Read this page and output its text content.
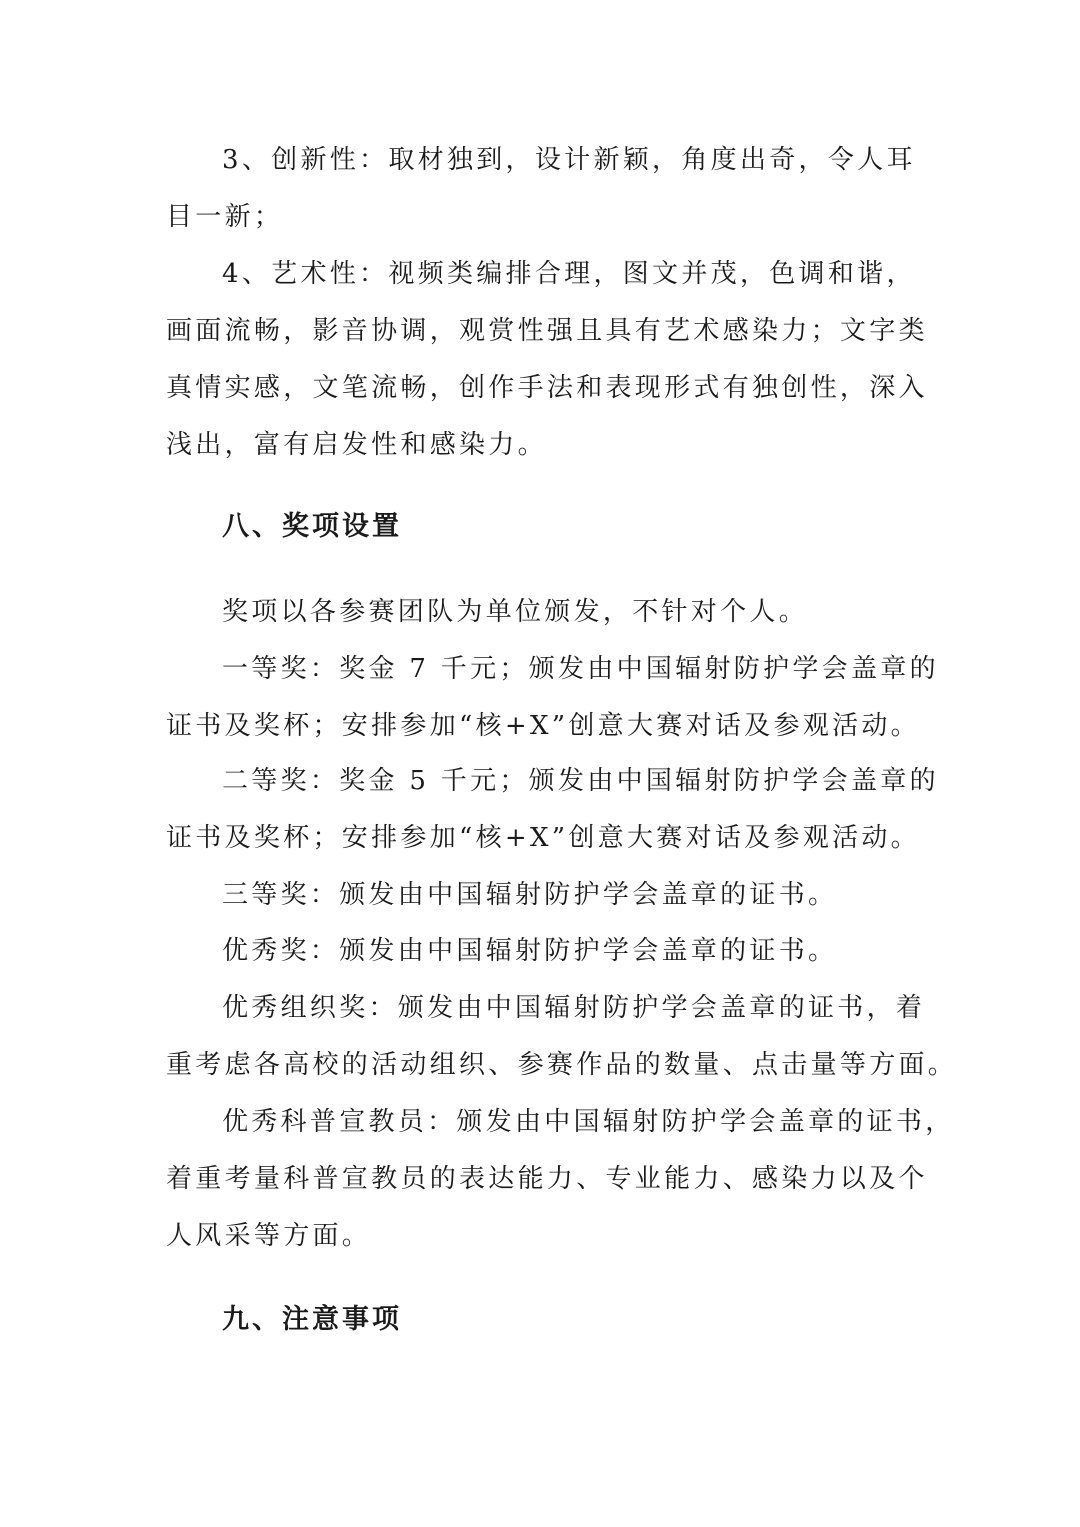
3、创新性：取材独到，设计新颖，角度出奇，令人耳
目一新；

4、艺术性：视频类编排合理，图文并茂，色调和谐，
画面流畅，影音协调，观赏性强且具有艺术感染力；文字类
真情实感，文笔流畅，创作手法和表现形式有独创性，深入
浅出，富有启发性和感染力。

八、奖项设置

奖项以各参赛团队为单位颁发，不针对个人。

一等奖：奖金 7 千元；颁发由中国辐射防护学会盖章的
证书及奖杯；安排参加“核+X”创意大赛对话及参观活动。

二等奖：奖金 5 千元；颁发由中国辐射防护学会盖章的
证书及奖杯；安排参加“核+X”创意大赛对话及参观活动。

三等奖：颁发由中国辐射防护学会盖章的证书。

优秀奖：颁发由中国辐射防护学会盖章的证书。

优秀组织奖：颁发由中国辐射防护学会盖章的证书，着
重考虑各高校的活动组织、参赛作品的数量、点击量等方面。

优秀科普宣教员：颁发由中国辐射防护学会盖章的证书，
着重考量科普宣教员的表达能力、专业能力、感染力以及个
人风采等方面。

九、注意事项
